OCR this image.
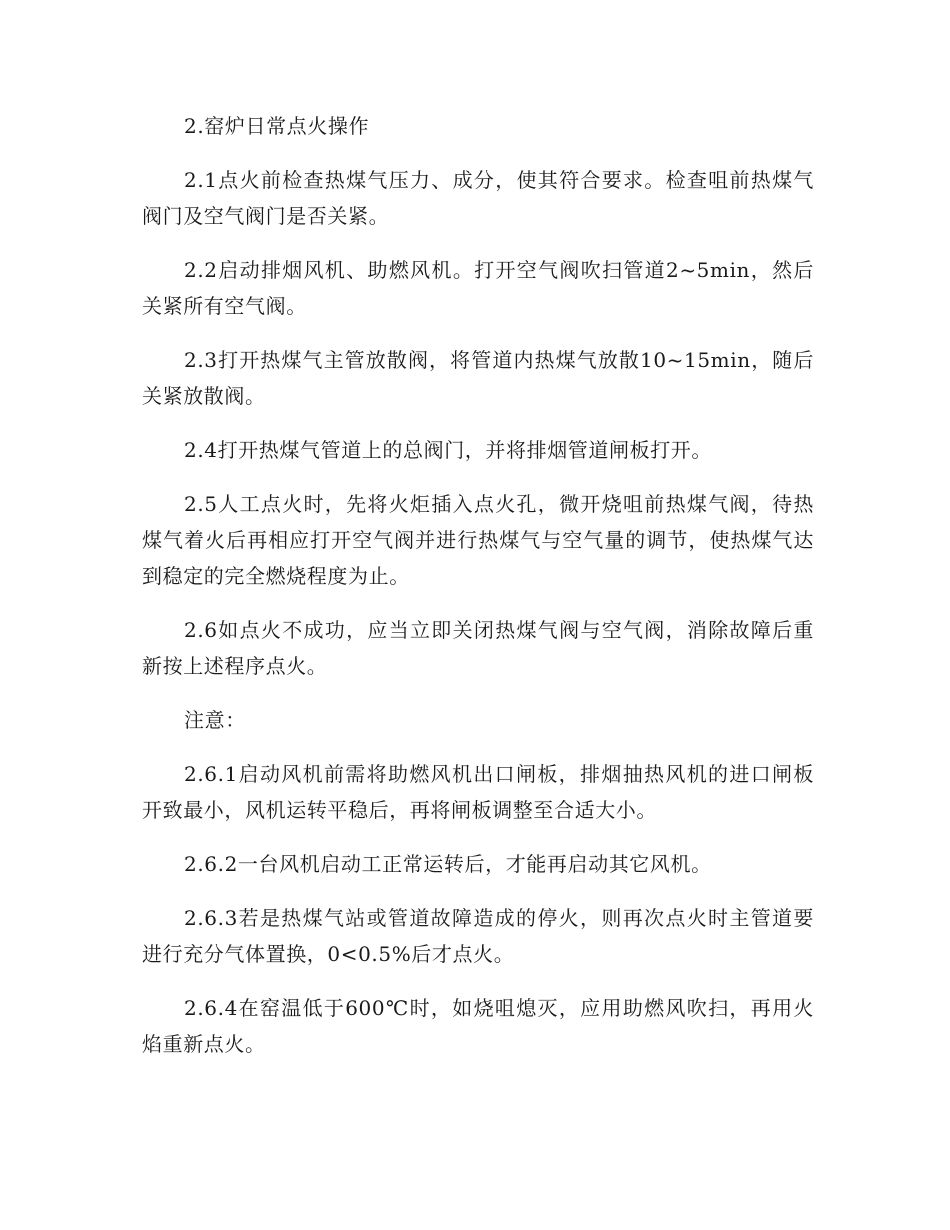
2.窑炉日常点火操作

2.1点火前检查热煤气压力、成分，使其符合要求。检查咀前热煤气阀门及空气阀门是否关紧。

2.2启动排烟风机、助燃风机。打开空气阀吹扫管道2~5min，然后关紧所有空气阀。

2.3打开热煤气主管放散阀，将管道内热煤气放散10~15min，随后关紧放散阀。

2.4打开热煤气管道上的总阀门，并将排烟管道闸板打开。

2.5人工点火时，先将火炬插入点火孔，微开烧咀前热煤气阀，待热煤气着火后再相应打开空气阀并进行热煤气与空气量的调节，使热煤气达到稳定的完全燃烧程度为止。

2.6如点火不成功，应当立即关闭热煤气阀与空气阀，消除故障后重新按上述程序点火。

注意：

2.6.1启动风机前需将助燃风机出口闸板，排烟抽热风机的进口闸板开致最小，风机运转平稳后，再将闸板调整至合适大小。

2.6.2一台风机启动工正常运转后，才能再启动其它风机。

2.6.3若是热煤气站或管道故障造成的停火，则再次点火时主管道要进行充分气体置换，0<0.5%后才点火。

2.6.4在窑温低于600℃时，如烧咀熄灭，应用助燃风吹扫，再用火焰重新点火。
